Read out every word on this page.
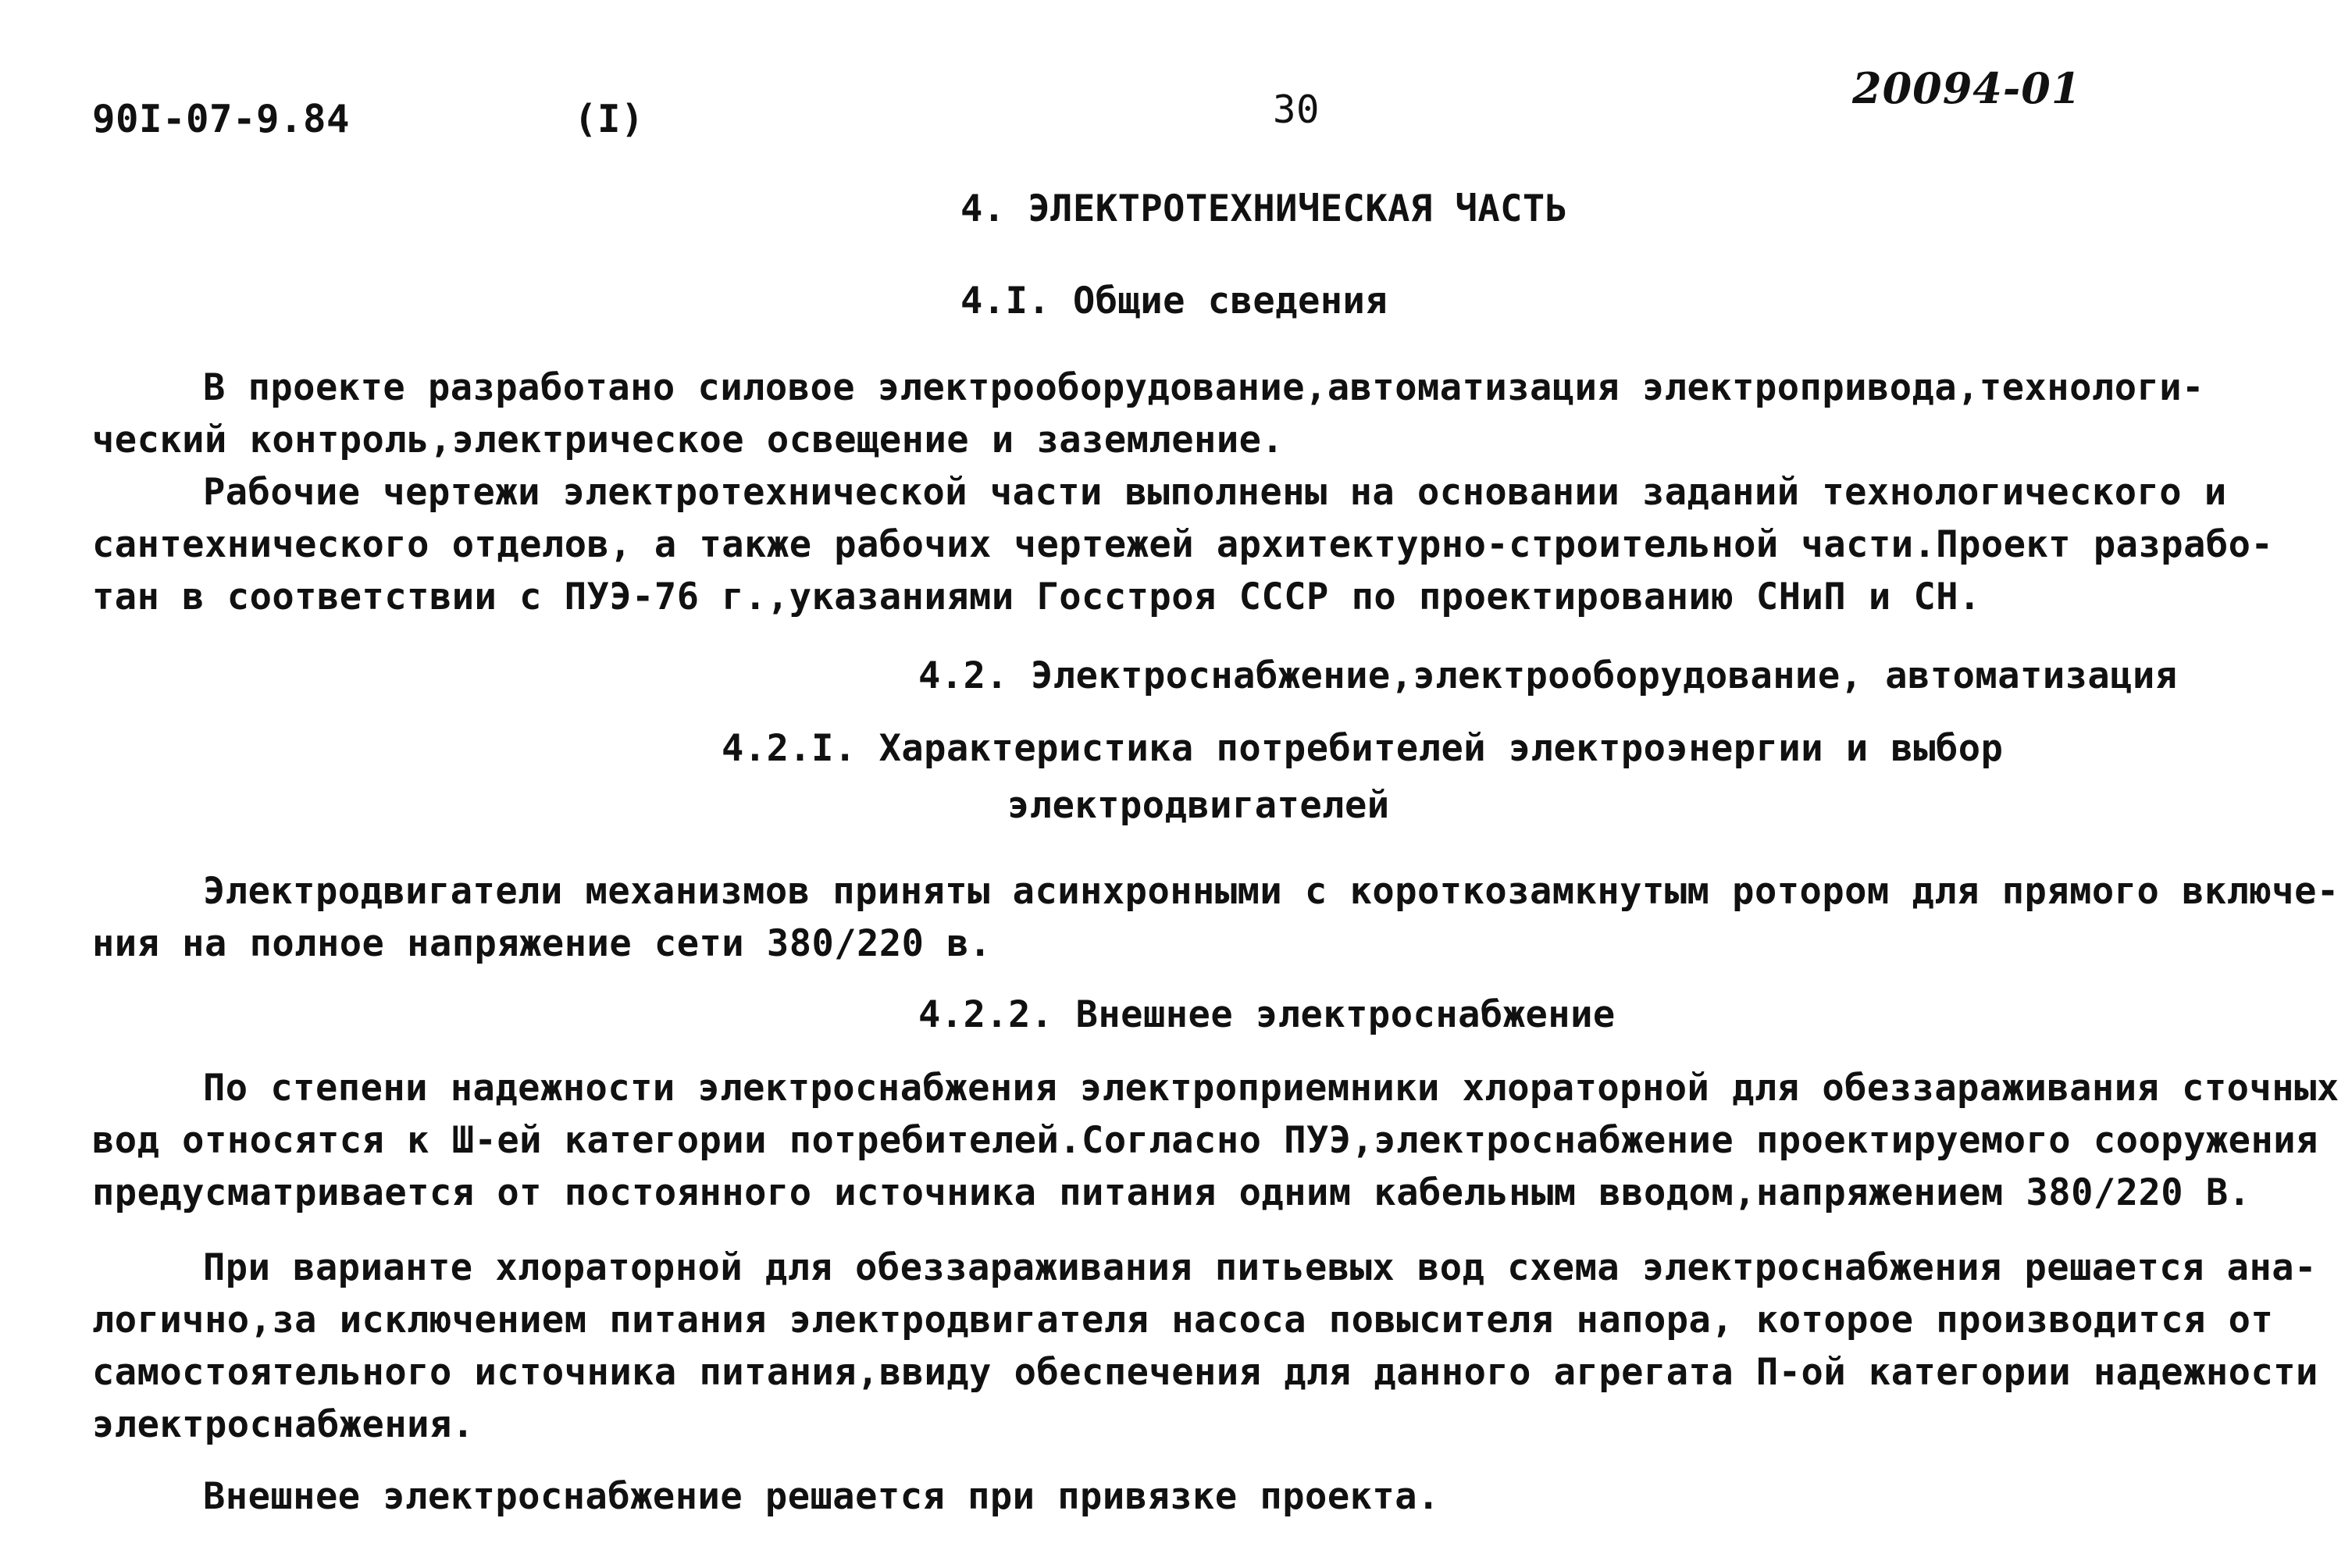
90I-07-9.84	(I)	30	20094-01
4. ЭЛЕКТРОТЕХНИЧЕСКАЯ ЧАСТЬ
4.I. Общие сведения
В проекте разработано силовое электрооборудование,автоматизация электропривода,технологи-
ческий контроль,электрическое освещение и заземление.
Рабочие чертежи электротехнической части выполнены на основании заданий технологического и
сантехнического отделов, а также рабочих чертежей архитектурно-строительной части.Проект разрабо-
тан в соответствии с ПУЭ-76 г.,указаниями Госстроя СССР по проектированию СНиП и СН.
4.2. Электроснабжение,электрооборудование, автоматизация
4.2.I. Характеристика потребителей электроэнергии и выбор
электродвигателей
Электродвигатели механизмов приняты асинхронными с короткозамкнутым ротором для прямого включе-
ния на полное напряжение сети 380/220 в.
4.2.2. Внешнее электроснабжение
По степени надежности электроснабжения электроприемники хлораторной для обеззараживания сточных
вод относятся к Ш-ей категории потребителей.Согласно ПУЭ,электроснабжение проектируемого сооружения
предусматривается от постоянного источника питания одним кабельным вводом,напряжением 380/220 В.
При варианте хлораторной для обеззараживания питьевых вод схема электроснабжения решается ана-
логично,за исключением питания электродвигателя насоса повысителя напора, которое производится от
самостоятельного источника питания,ввиду обеспечения для данного агрегата П-ой категории надежности
электроснабжения.
Внешнее электроснабжение решается при привязке проекта.
